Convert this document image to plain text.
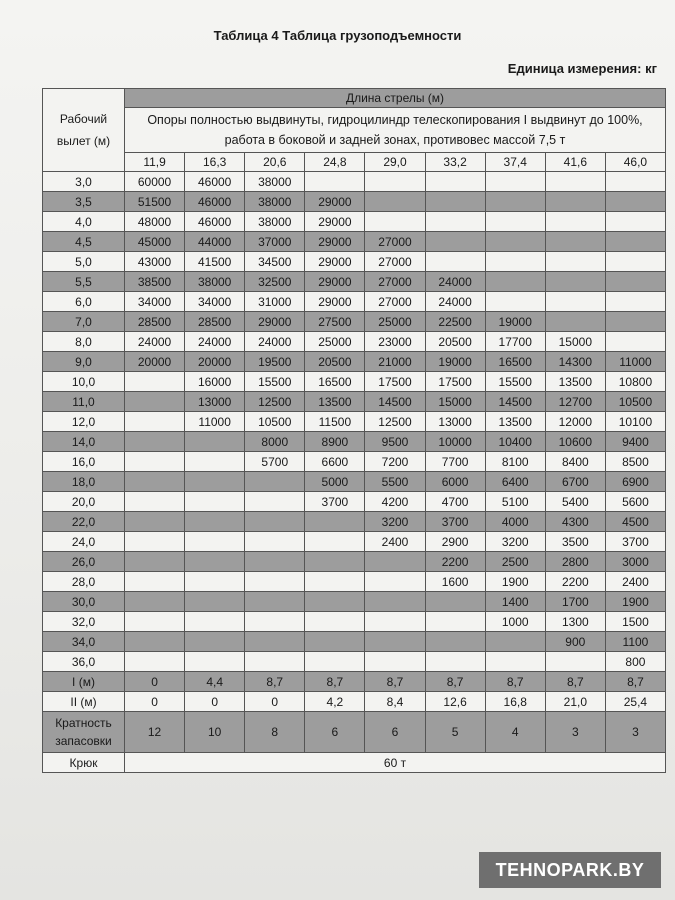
Таблица 4 Таблица грузоподъемности
Единица измерения: кг
Рабочий вылет (м)	Длина стрелы (м)								
	Опоры полностью выдвинуты, гидроцилиндр телескопирования I выдвинут до 100%, работа в боковой и задней зонах, противовес массой 7,5 т								
	11,9	16,3	20,6	24,8	29,0	33,2	37,4	41,6	46,0
3,0	60000	46000	38000						
3,5	51500	46000	38000	29000					
4,0	48000	46000	38000	29000					
4,5	45000	44000	37000	29000	27000				
5,0	43000	41500	34500	29000	27000				
5,5	38500	38000	32500	29000	27000	24000			
6,0	34000	34000	31000	29000	27000	24000			
7,0	28500	28500	29000	27500	25000	22500	19000		
8,0	24000	24000	24000	25000	23000	20500	17700	15000	
9,0	20000	20000	19500	20500	21000	19000	16500	14300	11000
10,0		16000	15500	16500	17500	17500	15500	13500	10800
11,0		13000	12500	13500	14500	15000	14500	12700	10500
12,0		11000	10500	11500	12500	13000	13500	12000	10100
14,0			8000	8900	9500	10000	10400	10600	9400
16,0			5700	6600	7200	7700	8100	8400	8500
18,0				5000	5500	6000	6400	6700	6900
20,0				3700	4200	4700	5100	5400	5600
22,0					3200	3700	4000	4300	4500
24,0					2400	2900	3200	3500	3700
26,0						2200	2500	2800	3000
28,0						1600	1900	2200	2400
30,0							1400	1700	1900
32,0							1000	1300	1500
34,0								900	1100
36,0									800
I (м)	0	4,4	8,7	8,7	8,7	8,7	8,7	8,7	8,7
II (м)	0	0	0	4,2	8,4	12,6	16,8	21,0	25,4
Кратность запасовки	12	10	8	6	6	5	4	3	3
Крюк	60 т								
TEHNOPARK.BY
